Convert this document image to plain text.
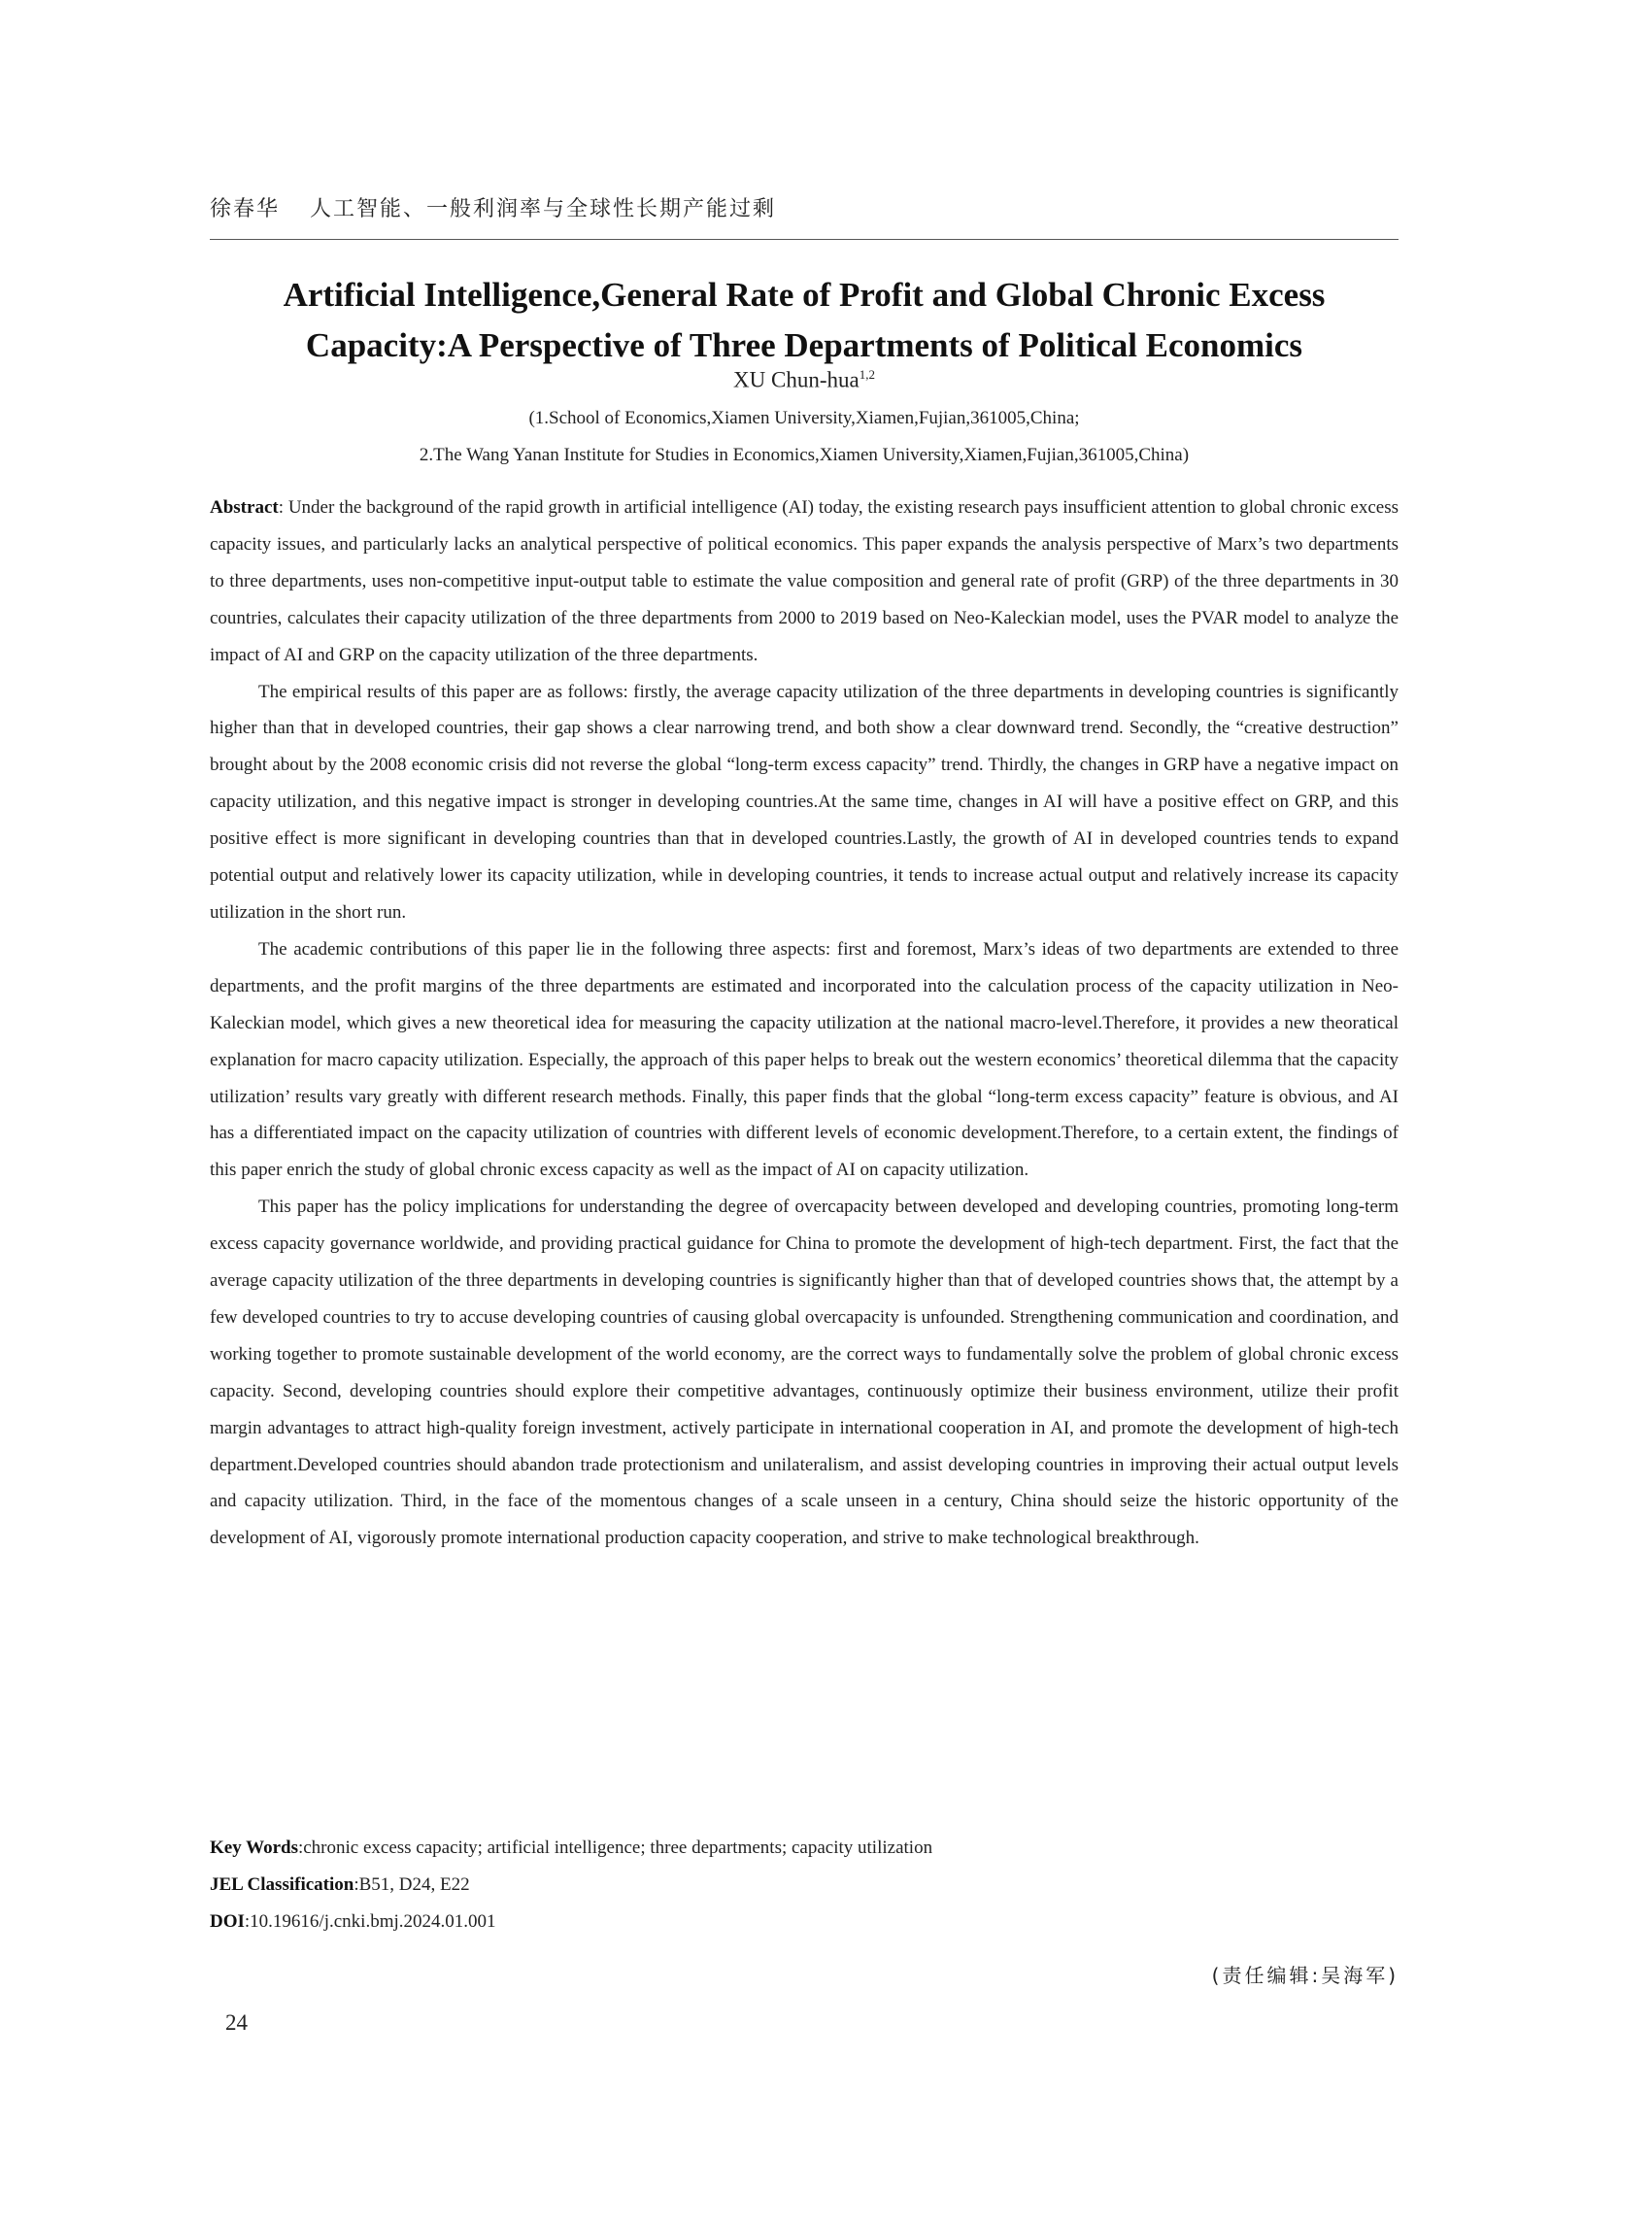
徐春华 人工智能、一般利润率与全球性长期产能过剩
Artificial Intelligence,General Rate of Profit and Global Chronic Excess
Capacity:A Perspective of Three Departments of Political Economics
XU Chun-hua$^{1,2}$
(1.School of Economics,Xiamen University,Xiamen,Fujian,361005,China;
2.The Wang Yanan Institute for Studies in Economics,Xiamen University,Xiamen,Fujian,361005,China)

Abstract: Under the background of the rapid growth in artificial intelligence (AI) today, the existing research pays insufficient attention to global chronic excess capacity issues, and particularly lacks an analytical perspective of political economics. This paper expands the analysis perspective of Marx’s two departments to three departments, uses non-competitive input-output table to estimate the value composition and general rate of profit (GRP) of the three departments in 30 countries, calculates their capacity utilization of the three departments from 2000 to 2019 based on Neo-Kaleckian model, uses the PVAR model to analyze the impact of AI and GRP on the capacity utilization of the three departments.

The empirical results of this paper are as follows: firstly, the average capacity utilization of the three departments in developing countries is significantly higher than that in developed countries, their gap shows a clear narrowing trend, and both show a clear downward trend. Secondly, the “creative destruction” brought about by the 2008 economic crisis did not reverse the global “long-term excess capacity” trend. Thirdly, the changes in GRP have a negative impact on capacity utilization, and this negative impact is stronger in developing countries.At the same time, changes in AI will have a positive effect on GRP, and this positive effect is more significant in developing countries than that in developed countries.Lastly, the growth of AI in developed countries tends to expand potential output and relatively lower its capacity utilization, while in developing countries, it tends to increase actual output and relatively increase its capacity utilization in the short run.

The academic contributions of this paper lie in the following three aspects: first and foremost, Marx’s ideas of two departments are extended to three departments, and the profit margins of the three departments are estimated and incorporated into the calculation process of the capacity utilization in Neo-Kaleckian model, which gives a new theoretical idea for measuring the capacity utilization at the national macro-level.Therefore, it provides a new theoratical explanation for macro capacity utilization. Especially, the approach of this paper helps to break out the western economics’ theoretical dilemma that the capacity utilization’ results vary greatly with different research methods. Finally, this paper finds that the global “long-term excess capacity” feature is obvious, and AI has a differentiated impact on the capacity utilization of countries with different levels of economic development.Therefore, to a certain extent, the findings of this paper enrich the study of global chronic excess capacity as well as the impact of AI on capacity utilization.

This paper has the policy implications for understanding the degree of overcapacity between developed and developing countries, promoting long-term excess capacity governance worldwide, and providing practical guidance for China to promote the development of high-tech department. First, the fact that the average capacity utilization of the three departments in developing countries is significantly higher than that of developed countries shows that, the attempt by a few developed countries to try to accuse developing countries of causing global overcapacity is unfounded. Strengthening communication and coordination, and working together to promote sustainable development of the world economy, are the correct ways to fundamentally solve the problem of global chronic excess capacity. Second, developing countries should explore their competitive advantages, continuously optimize their business environment, utilize their profit margin advantages to attract high-quality foreign investment, actively participate in international cooperation in AI, and promote the development of high-tech department.Developed countries should abandon trade protectionism and unilateralism, and assist developing countries in improving their actual output levels and capacity utilization. Third, in the face of the momentous changes of a scale unseen in a century, China should seize the historic opportunity of the development of AI, vigorously promote international production capacity cooperation, and strive to make technological breakthrough.

Key Words:chronic excess capacity; artificial intelligence; three departments; capacity utilization
JEL Classification:B51, D24, E22
DOI:10.19616/j.cnki.bmj.2024.01.001
(责任编辑:吴海军)
24
